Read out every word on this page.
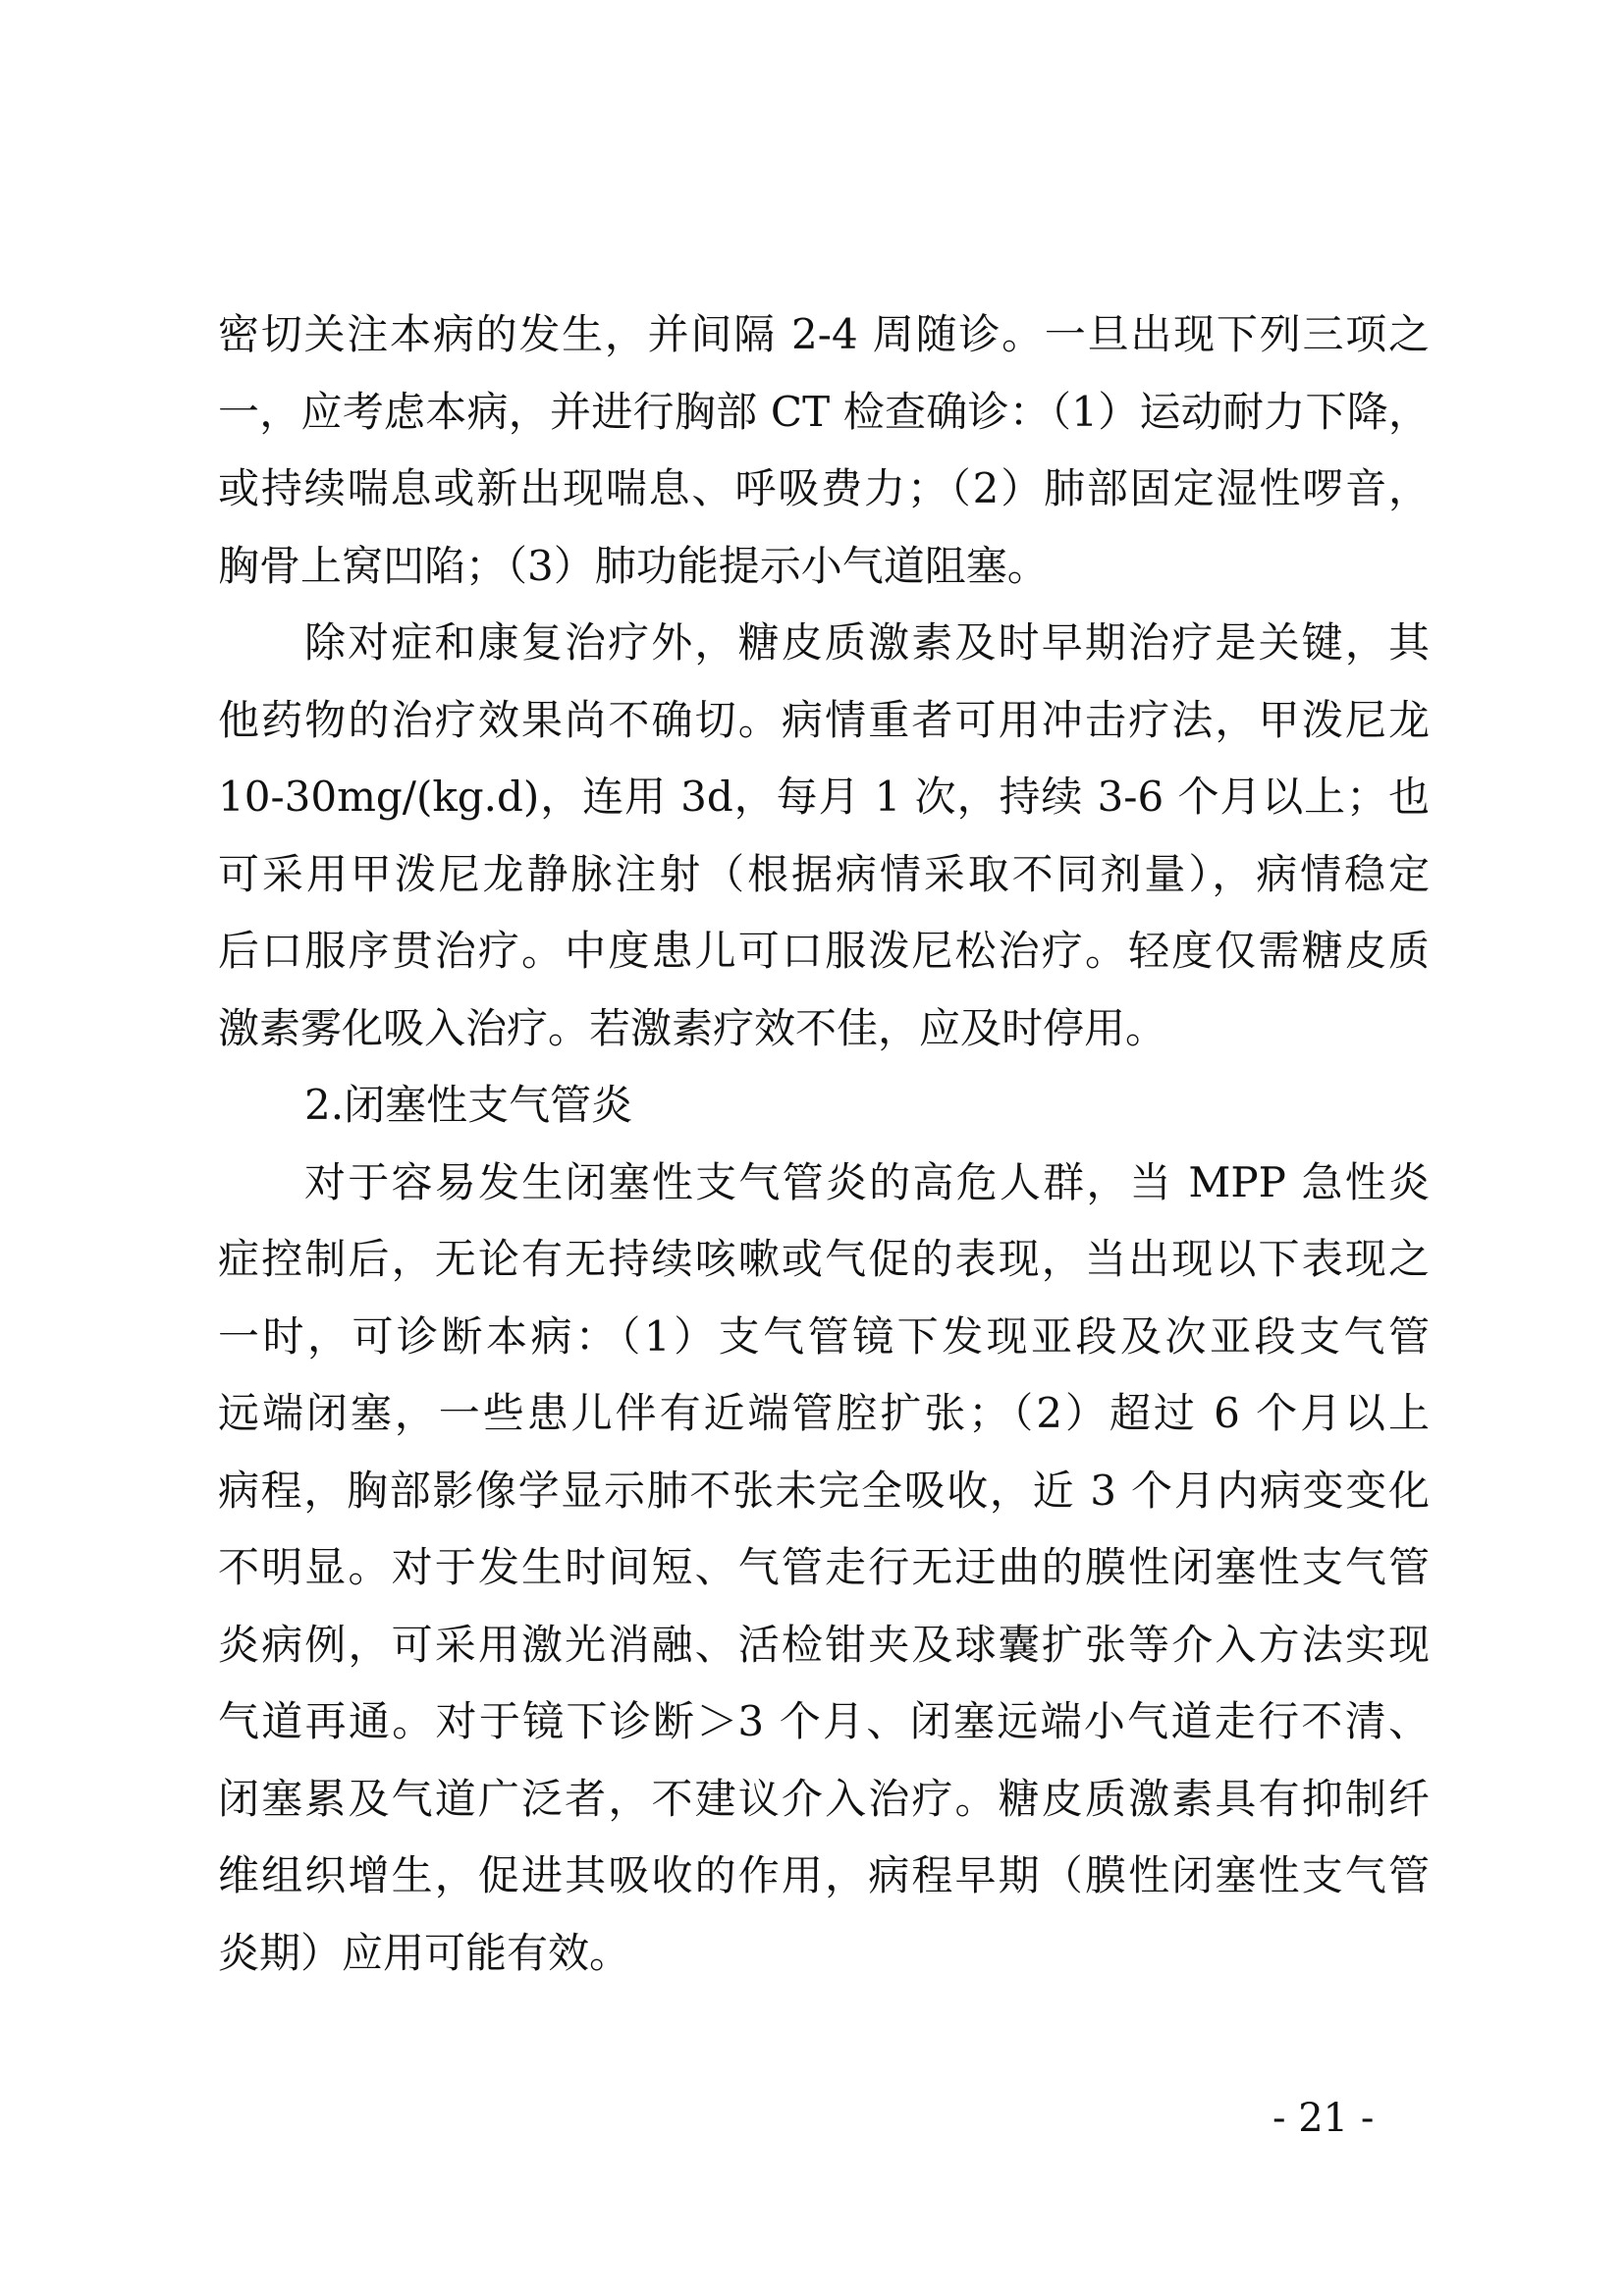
密切关注本病的发生，并间隔 2-4 周随诊。一旦出现下列三项之
一，应考虑本病，并进行胸部 CT 检查确诊：（1）运动耐力下降，
或持续喘息或新出现喘息、呼吸费力；（2）肺部固定湿性啰音，
胸骨上窝凹陷；（3）肺功能提示小气道阻塞。
除对症和康复治疗外，糖皮质激素及时早期治疗是关键，其
他药物的治疗效果尚不确切。病情重者可用冲击疗法，甲泼尼龙
10-30mg/(kg.d)，连用 3d，每月 1 次，持续 3-6 个月以上；也
可采用甲泼尼龙静脉注射（根据病情采取不同剂量），病情稳定
后口服序贯治疗。中度患儿可口服泼尼松治疗。轻度仅需糖皮质
激素雾化吸入治疗。若激素疗效不佳，应及时停用。
2.闭塞性支气管炎
对于容易发生闭塞性支气管炎的高危人群，当 MPP 急性炎
症控制后，无论有无持续咳嗽或气促的表现，当出现以下表现之
一时，可诊断本病：（1）支气管镜下发现亚段及次亚段支气管
远端闭塞，一些患儿伴有近端管腔扩张；（2）超过 6 个月以上
病程，胸部影像学显示肺不张未完全吸收，近 3 个月内病变变化
不明显。对于发生时间短、气管走行无迂曲的膜性闭塞性支气管
炎病例，可采用激光消融、活检钳夹及球囊扩张等介入方法实现
气道再通。对于镜下诊断＞3 个月、闭塞远端小气道走行不清、
闭塞累及气道广泛者，不建议介入治疗。糖皮质激素具有抑制纤
维组织增生，促进其吸收的作用，病程早期（膜性闭塞性支气管
炎期）应用可能有效。
- 21 -
